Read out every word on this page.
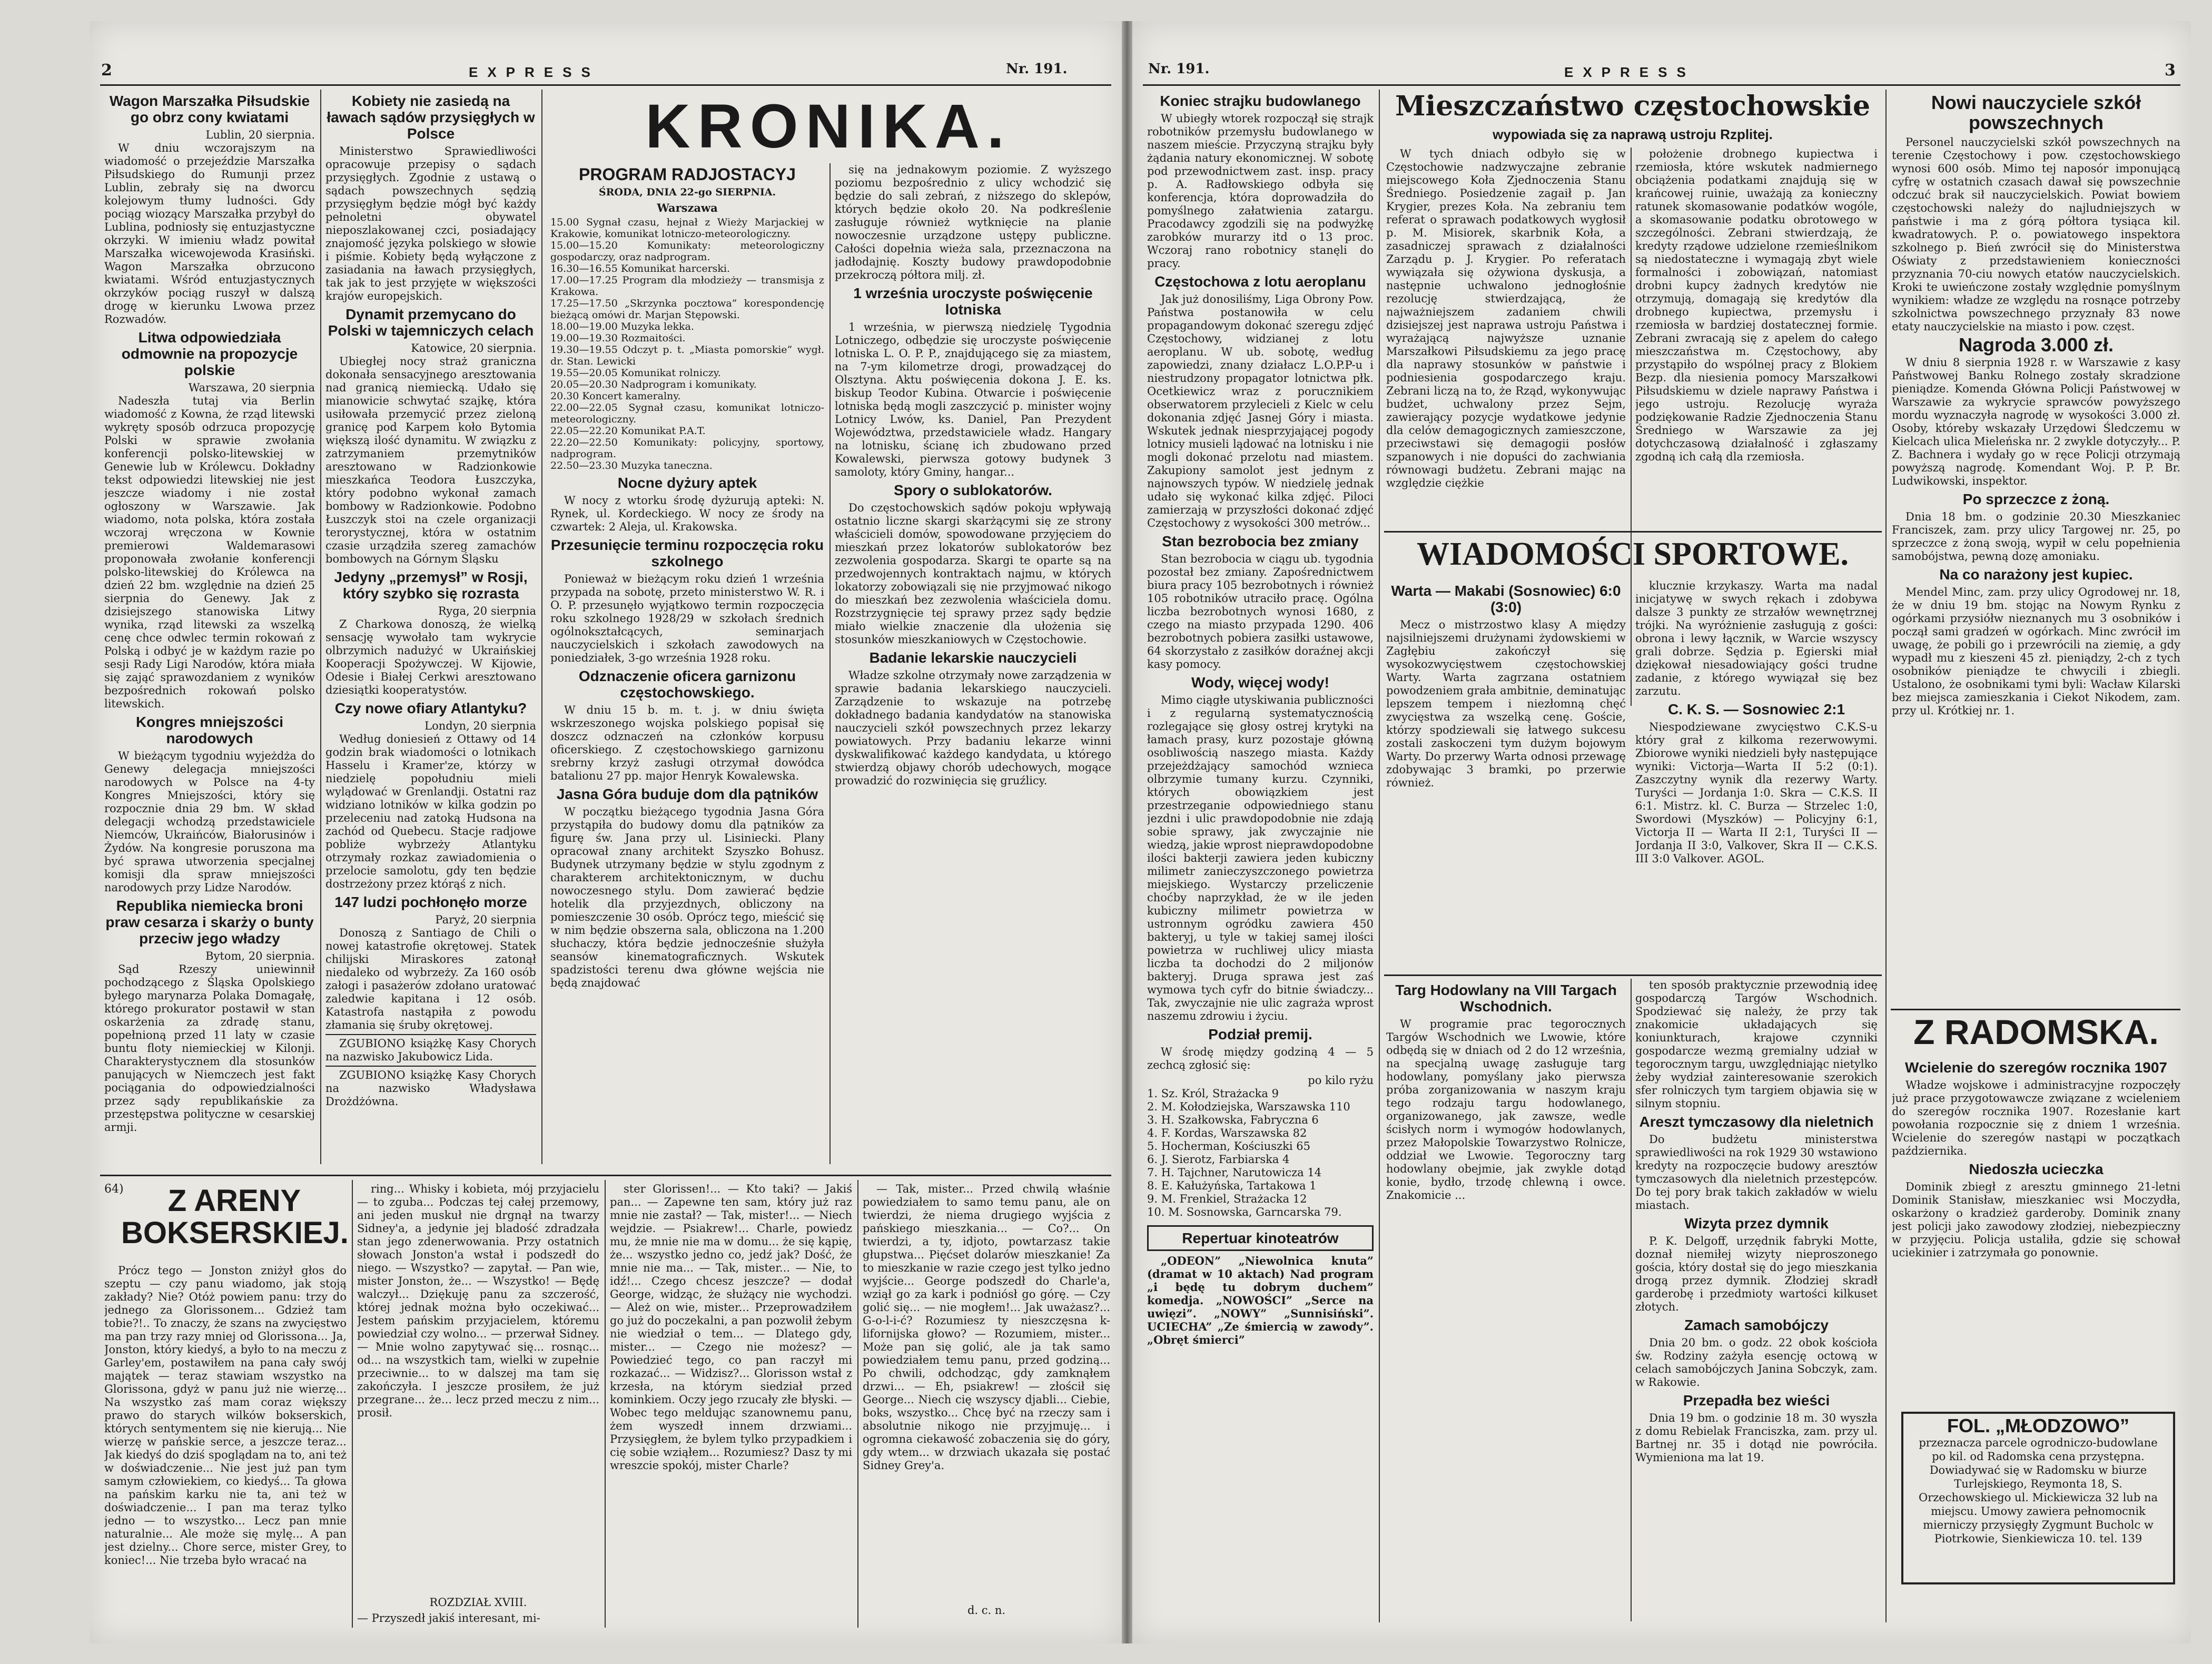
2	EXPRESS	Nr. 191.
Wagon Marszałka Piłsudskie go obrz cony kwiatami

Lublin, 20 sierpnia.

W dniu wczorajszym na wiadomość o przejeździe Marszałka Piłsudskiego do Rumunji przez Lublin, zebrały się na dworcu kolejowym tłumy ludności. Gdy pociąg wiozący Marszałka przybył do Lublina, podniosły się entuzjastyczne okrzyki. W imieniu władz powitał Marszałka wicewojewoda Krasiński. Wagon Marszałka obrzucono kwiatami. Wśród entuzjastycznych okrzyków pociąg ruszył w dalszą drogę w kierunku Lwowa przez Rozwadów.

Litwa odpowiedziała odmownie na propozycje polskie

Warszawa, 20 sierpnia

Nadeszła tutaj via Berlin wiadomość z Kowna, że rząd litewski wykręty sposób odrzuca propozycję Polski w sprawie zwołania konferencji polsko-litewskiej w Genewie lub w Królewcu. Dokładny tekst odpowiedzi litewskiej nie jest jeszcze wiadomy i nie został ogłoszony w Warszawie. Jak wiadomo, nota polska, która została wczoraj wręczona w Kownie premierowi Waldemarasowi proponowała zwołanie konferencji polsko-litewskiej do Królewca na dzień 22 bm. względnie na dzień 25 sierpnia do Genewy. Jak z dzisiejszego stanowiska Litwy wynika, rząd litewski za wszelką cenę chce odwlec termin rokowań z Polską i odbyć je w każdym razie po sesji Rady Ligi Narodów, która miała się zająć sprawozdaniem z wyników bezpośrednich rokowań polsko litewskich.

Kongres mniejszości narodowych

W bieżącym tygodniu wyjeżdża do Genewy delegacja mniejszości narodowych w Polsce na 4-ty Kongres Mniejszości, który się rozpocznie dnia 29 bm. W skład delegacji wchodzą przedstawiciele Niemców, Ukraińców, Białorusinów i Żydów. Na kongresie poruszona ma być sprawa utworzenia specjalnej komisji dla spraw mniejszości narodowych przy Lidze Narodów.

Republika niemiecka broni praw cesarza i skarży o bunty przeciw jego władzy

Bytom, 20 sierpnia.

Sąd Rzeszy uniewinnił pochodzącego z Śląska Opolskiego byłego marynarza Polaka Domagałę, którego prokurator postawił w stan oskarżenia za zdradę stanu, popełnioną przed 11 laty w czasie buntu floty niemieckiej w Kilonji. Charakterystycznem dla stosunków panujących w Niemczech jest fakt pociągania do odpowiedzialności przez sądy republikańskie za przestępstwa polityczne w cesarskiej armji.

Kobiety nie zasiedą na ławach sądów przysięgłych w Polsce

Ministerstwo Sprawiedliwości opracowuje przepisy o sądach przysięgłych. Zgodnie z ustawą o sądach powszechnych sędzią przysięgłym będzie mógł być każdy pełnoletni obywatel nieposzlakowanej czci, posiadający znajomość języka polskiego w słowie i piśmie. Kobiety będą wyłączone z zasiadania na ławach przysięgłych, tak jak to jest przyjęte w większości krajów europejskich.

Dynamit przemycano do Polski w tajemniczych celach

Katowice, 20 sierpnia.

Ubiegłej nocy straż graniczna dokonała sensacyjnego aresztowania nad granicą niemiecką. Udało się mianowicie schwytać szajkę, która usiłowała przemycić przez zieloną granicę pod Karpem koło Bytomia większą ilość dynamitu. W związku z zatrzymaniem przemytników aresztowano w Radzionkowie mieszkańca Teodora Łuszczyka, który podobno wykonał zamach bombowy w Radzionkowie. Podobno Łuszczyk stoi na czele organizacji terorystycznej, która w ostatnim czasie urządziła szereg zamachów bombowych na Górnym Śląsku

Jedyny „przemysł” w Rosji, który szybko się rozrasta

Ryga, 20 sierpnia

Z Charkowa donoszą, że wielką sensację wywołało tam wykrycie olbrzymich nadużyć w Ukraińskiej Kooperacji Spożywczej. W Kijowie, Odesie i Białej Cerkwi aresztowano dziesiątki kooperatystów.

Czy nowe ofiary Atlantyku?

Londyn, 20 sierpnia

Według doniesień z Ottawy od 14 godzin brak wiadomości o lotnikach Hasselu i Kramer'ze, którzy w niedzielę popołudniu mieli wylądować w Grenlandji. Ostatni raz widziano lotników w kilka godzin po przeleceniu nad zatoką Hudsona na zachód od Quebecu. Stacje radjowe pobliże wybrzeży Atlantyku otrzymały rozkaz zawiadomienia o przelocie samolotu, gdy ten będzie dostrzeżony przez którąś z nich.

147 ludzi pochłonęło morze

Paryż, 20 sierpnia

Donoszą z Santiago de Chili o nowej katastrofie okrętowej. Statek chilijski Miraskores zatonął niedaleko od wybrzeży. Za 160 osób załogi i pasażerów zdołano uratować zaledwie kapitana i 12 osób. Katastrofa nastąpiła z powodu złamania się śruby okrętowej.

ZGUBIONO książkę Kasy Chorych na nazwisko Jakubowicz Lida.

ZGUBIONO książkę Kasy Chorych na nazwisko Władysława Drożdżówna.

KRONIKA.
PROGRAM RADJOSTACYJ
ŚRODA, DNIA 22-go SIERPNIA.
Warszawa
15.00 Sygnał czasu, hejnał z Wieży Marjackiej w Krakowie, komunikat lotniczo-meteorologiczny.
15.00—15.20 Komunikaty: meteorologiczny gospodarczy, oraz nadprogram.
16.30—16.55 Komunikat harcerski.
17.00—17.25 Program dla młodzieży — transmisja z Krakowa.
17.25—17.50 „Skrzynka pocztowa” korespondencję bieżącą omówi dr. Marjan Stępowski.
18.00—19.00 Muzyka lekka.
19.00—19.30 Rozmaitości.
19.30—19.55 Odczyt p. t. „Miasta pomorskie” wygł. dr. Stan. Lewicki
19.55—20.05 Komunikat rolniczy.
20.05—20.30 Nadprogram i komunikaty.
20.30 Koncert kameralny.
22.00—22.05 Sygnał czasu, komunikat lotniczo-meteorologiczny.
22.05—22.20 Komunikat P.A.T.
22.20—22.50 Komunikaty: policyjny, sportowy, nadprogram.
22.50—23.30 Muzyka taneczna.
Nocne dyżury aptek

W nocy z wtorku środę dyżurują apteki: N. Rynek, ul. Kordeckiego. W nocy ze środy na czwartek: 2 Aleja, ul. Krakowska.

Przesunięcie terminu rozpoczęcia roku szkolnego

Ponieważ w bieżącym roku dzień 1 września przypada na sobotę, przeto ministerstwo W. R. i O. P. przesunęło wyjątkowo termin rozpoczęcia roku szkolnego 1928/29 w szkołach średnich ogólnokształcących, seminarjach nauczycielskich i szkołach zawodowych na poniedziałek, 3-go września 1928 roku.

Odznaczenie oficera garnizonu częstochowskiego.

W dniu 15 b. m. t. j. w dniu święta wskrzeszonego wojska polskiego popisał się doszcz odznaczeń na członków korpusu oficerskiego. Z częstochowskiego garnizonu srebrny krzyż zasługi otrzymał dowódca batalionu 27 pp. major Henryk Kowalewska.

Jasna Góra buduje dom dla pątników

W początku bieżącego tygodnia Jasna Góra przystąpiła do budowy domu dla pątników za figurę św. Jana przy ul. Lisiniecki. Plany opracował znany architekt Szyszko Bohusz. Budynek utrzymany będzie w stylu zgodnym z charakterem architektonicznym, w duchu nowoczesnego stylu. Dom zawierać będzie hotelik dla przyjezdnych, obliczony na pomieszczenie 30 osób. Oprócz tego, mieścić się w nim będzie obszerna sala, obliczona na 1.200 słuchaczy, która będzie jednocześnie służyła seansów kinematograficznych. Wskutek spadzistości terenu dwa główne wejścia nie będą znajdować

się na jednakowym poziomie. Z wyższego poziomu bezpośrednio z ulicy wchodzić się będzie do sali zebrań, z niższego do sklepów, których będzie około 20. Na podkreślenie zasługuje również wytknięcie na planie nowoczesnie urządzone ustępy publiczne. Całości dopełnia wieża sala, przeznaczona na jadłodajnię. Koszty budowy prawdopodobnie przekroczą półtora milj. zł.

1 września uroczyste poświęcenie lotniska

1 września, w pierwszą niedzielę Tygodnia Lotniczego, odbędzie się uroczyste poświęcenie lotniska L. O. P. P., znajdującego się za miastem, na 7-ym kilometrze drogi, prowadzącej do Olsztyna. Aktu poświęcenia dokona J. E. ks. biskup Teodor Kubina. Otwarcie i poświęcenie lotniska będą mogli zaszczycić p. minister wojny Lotnicy Lwów, ks. Daniel, Pan Prezydent Województwa, przedstawiciele władz. Hangary na lotnisku, ścianę ich zbudowano przed Kowalewski, pierwsza gotowy budynek 3 samoloty, który Gminy, hangar...

Spory o sublokatorów.

Do częstochowskich sądów pokoju wpływają ostatnio liczne skargi skarżącymi się ze strony właścicieli domów, spowodowane przyjęciem do mieszkań przez lokatorów sublokatorów bez zezwolenia gospodarza. Skargi te oparte są na przedwojennych kontraktach najmu, w których lokatorzy zobowiązali się nie przyjmować nikogo do mieszkań bez zezwolenia właściciela domu. Rozstrzygnięcie tej sprawy przez sądy będzie miało wielkie znaczenie dla ułożenia się stosunków mieszkaniowych w Częstochowie.

Badanie lekarskie nauczycieli

Władze szkolne otrzymały nowe zarządzenia w sprawie badania lekarskiego nauczycieli. Zarządzenie to wskazuje na potrzebę dokładnego badania kandydatów na stanowiska nauczycieli szkół powszechnych przez lekarzy powiatowych. Przy badaniu lekarze winni dyskwalifikować każdego kandydata, u którego stwierdzą objawy chorób udechowych, mogące prowadzić do rozwinięcia się gruźlicy.

64)	Z ARENY BOKSERSKIEJ.

Prócz tego — Jonston zniżył głos do szeptu — czy panu wiadomo, jak stoją zakłady? Nie? Otóż powiem panu: trzy do jednego za Glorissonem... Gdzież tam tobie?!.. To znaczy, że szans na zwycięstwo ma pan trzy razy mniej od Glorissona... Ja, Jonston, który kiedyś, a było to na meczu z Garley'em, postawiłem na pana cały swój majątek — teraz stawiam wszystko na Glorissona, gdyż w panu już nie wierzę... Na wszystko zaś mam coraz większy prawo do starych wilków bokserskich, których sentymentem się nie kierują... Nie wierzę w pańskie serce, a jeszcze teraz... Jak kiedyś do dziś spoglądam na to, ani też w doświadczenie... Nie jest już pan tym samym człowiekiem, co kiedyś... Ta głowa na pańskim karku nie ta, ani też w doświadczenie... I pan ma teraz tylko jedno — to wszystko... Lecz pan mnie naturalnie... Ale może się mylę... A pan jest dzielny... Chore serce, mister Grey, to koniec!... Nie trzeba było wracać na

ring... Whisky i kobieta, mój przyjacielu — to zguba... Podczas tej całej przemowy, ani jeden muskuł nie drgnął na twarzy Sidney'a, a jedynie jej bladość zdradzała stan jego zdenerwowania. Przy ostatnich słowach Jonston'a wstał i podszedł do niego. — Wszystko? — zapytał. — Pan wie, mister Jonston, że... — Wszystko! — Będę walczył... Dziękuję panu za szczerość, której jednak można było oczekiwać... Jestem pańskim przyjacielem, któremu powiedział czy wolno... — przerwał Sidney. — Mnie wolno zapytywać się... rosnąc... od... na wszystkich tam, wielki w zupełnie przeciwnie... to w dalszej ma tam się zakończyła. I jeszcze prosiłem, że już przegrane... że... lecz przed meczu z nim... prosił.

ster Glorissen!... — Kto taki? — Jakiś pan... — Zapewne ten sam, który już raz mnie nie zastał? — Tak, mister!... — Niech wejdzie. — Psiakrew!... Charle, powiedz mu, że mnie nie ma w domu... że się kąpię, że... wszystko jedno co, jedź jak? Dość, że mnie nie ma... — Tak, mister... — Nie, to idź!... Czego chcesz jeszcze? — dodał George, widząc, że służący nie wychodzi. — Ależ on wie, mister... Przeprowadziłem go już do poczekalni, a pan pozwolił żebym nie wiedział o tem... — Dlatego gdy, mister... — Czego nie możesz? — Powiedzieć tego, co pan raczył mi rozkazać... — Widzisz?... Glorisson wstał z krzesła, na którym siedział przed kominkiem. Oczy jego rzucały złe błyski. — Wobec tego meldując szanownemu panu, żem wyszedł innem drzwiami... Przysięgłem, że bylem tylko przypadkiem i cię sobie wziąłem... Rozumiesz? Dasz ty mi wreszcie spokój, mister Charle?

— Tak, mister... Przed chwilą właśnie powiedziałem to samo temu panu, ale on twierdzi, że niema drugiego wyjścia z pańskiego mieszkania... — Co?... On twierdzi, a ty, idjoto, powtarzasz takie głupstwa... Pięćset dolarów mieszkanie! Za to mieszkanie w razie czego jest tylko jedno wyjście... George podszedł do Charle'a, wziął go za kark i podniósł go górę. — Czy golić się... — nie mogłem!... Jak uważasz?... G-o-l-i-ć? Rozumiesz ty nieszczęsna k-lifornijska głowo? — Rozumiem, mister... Może pan się golić, ale ja tak samo powiedziałem temu panu, przed godziną... Po chwili, odchodząc, gdy zamknąłem drzwi... — Eh, psiakrew! — złościł się George... Niech cię wszyscy djabli... Ciebie, boks, wszystko... Chcę być na rzeczy sam i absolutnie nikogo nie przyjmuję... i ogromna ciekawość zobaczenia się do góry, gdy wtem... w drzwiach ukazała się postać Sidney Grey'a.

d. c. n.
ROZDZIAŁ XVIII.
— Przyszedł jakiś interesant, mi-
Nr. 191.	EXPRESS	3
Koniec strajku budowlanego

W ubiegły wtorek rozpoczął się strajk robotników przemysłu budowlanego w naszem mieście. Przyczyną strajku były żądania natury ekonomicznej. W sobotę pod przewodnictwem zast. insp. pracy p. A. Radłowskiego odbyła się konferencja, która doprowadziła do pomyślnego załatwienia zatargu. Pracodawcy zgodzili się na podwyżkę zarobków murarzy itd o 13 proc. Wczoraj rano robotnicy stanęli do pracy.

Częstochowa z lotu aeroplanu

Jak już donosiliśmy, Liga Obrony Pow. Państwa postanowiła w celu propagandowym dokonać szeregu zdjęć Częstochowy, widzianej z lotu aeroplanu. W ub. sobotę, według zapowiedzi, znany działacz L.O.P.P-u i niestrudzony propagator lotnictwa płk. Ocetkiewicz wraz z porucznikiem obserwatorem przylecieli z Kielc w celu dokonania zdjęć Jasnej Góry i miasta. Wskutek jednak niesprzyjającej pogody lotnicy musieli lądować na lotnisku i nie mogli dokonać przelotu nad miastem. Zakupiony samolot jest jednym z najnowszych typów. W niedzielę jednak udało się wykonać kilka zdjęć. Piloci zamierzają w przyszłości dokonać zdjęć Częstochowy z wysokości 300 metrów...

Stan bezrobocia bez zmiany

Stan bezrobocia w ciągu ub. tygodnia pozostał bez zmiany. Zapośrednictwem biura pracy 105 bezrobotnych i również 105 robotników utraciło pracę. Ogólna liczba bezrobotnych wynosi 1680, z czego na miasto przypada 1290. 406 bezrobotnych pobiera zasiłki ustawowe, 64 skorzystało z zasiłków doraźnej akcji kasy pomocy.

Wody, więcej wody!

Mimo ciągłe utyskiwania publiczności i z regularną systematycznością rozlegające się głosy ostrej krytyki na łamach prasy, kurz pozostaje główną osobliwością naszego miasta. Każdy przejeżdżający samochód wznieca olbrzymie tumany kurzu. Czynniki, których obowiązkiem jest przestrzeganie odpowiedniego stanu jezdni i ulic prawdopodobnie nie zdają sobie sprawy, jak zwyczajnie nie wiedzą, jakie wprost nieprawdopodobne ilości bakterji zawiera jeden kubiczny milimetr zanieczyszczonego powietrza miejskiego. Wystarczy przeliczenie choćby naprzykład, że w ile jeden kubiczny milimetr powietrza w ustronnym ogródku zawiera 450 bakteryj, u tyle w takiej samej ilości powietrza w ruchliwej ulicy miasta liczba ta dochodzi do 2 miljonów bakteryj. Druga sprawa jest zaś wymowa tych cyfr do bitnie świadczy... Tak, zwyczajnie nie ulic zagraża wprost naszemu zdrowiu i życiu.

Podział premij.

W środę między godziną 4 — 5 zechcą zgłosić się:

po kilo ryżu

1. Sz. Król, Strażacka 9
2. M. Kołodziejska, Warszawska 110
3. H. Szałkowska, Fabryczna 6
4. F. Kordas, Warszawska 82
5. Hocherman, Kościuszki 65
6. J. Sierotz, Farbiarska 4
7. H. Tajchner, Narutowicza 14
8. E. Kałużyńska, Tartakowa 1
9. M. Frenkiel, Strażacka 12
10. M. Sosnowska, Garncarska 79.
Repertuar kinoteatrów

„ODEON” „Niewolnica knuta” (dramat w 10 aktach) Nad program „i będę tu dobrym duchem” komedja. „NOWOŚCI” „Serce na uwięzi”. „NOWY” „Sunnisiński”. UCIECHA” „Ze śmiercią w zawody”. „Obręt śmierci”

Mieszczaństwo częstochowskie
wypowiada się za naprawą ustroju Rzplitej.

W tych dniach odbyło się w Częstochowie nadzwyczajne zebranie miejscowego Koła Zjednoczenia Stanu Średniego. Posiedzenie zagaił p. Jan Krygier, prezes Koła. Na zebraniu tem referat o sprawach podatkowych wygłosił p. M. Misiorek, skarbnik Koła, a zasadniczej sprawach z działalności Zarządu p. J. Krygier. Po referatach wywiązała się ożywiona dyskusja, a następnie uchwalono jednogłośnie rezolucję stwierdzającą, że najważniejszem zadaniem chwili dzisiejszej jest naprawa ustroju Państwa i wyrażającą najwyższe uznanie Marszałkowi Piłsudskiemu za jego pracę dla naprawy stosunków w państwie i podniesienia gospodarczego kraju. Zebrani liczą na to, że Rząd, wykonywując budżet, uchwalony przez Sejm, zawierający pozycje wydatkowe jedynie dla celów demagogicznych zamieszczone, przeciwstawi się demagogii posłów szpanowych i nie dopuści do zachwiania równowagi budżetu. Zebrani mając na względzie ciężkie

położenie drobnego kupiectwa i rzemiosła, które wskutek nadmiernego obciążenia podatkami znajdują się w krańcowej ruinie, uważają za konieczny ratunek skomasowanie podatków wogóle, a skomasowanie podatku obrotowego w szczególności. Zebrani stwierdzają, że kredyty rządowe udzielone rzemieślnikom są niedostateczne i wymagają zbyt wiele formalności i zobowiązań, natomiast drobni kupcy żadnych kredytów nie otrzymują, domagają się kredytów dla drobnego kupiectwa, przemysłu i rzemiosła w bardziej dostatecznej formie. Zebrani zwracają się z apelem do całego mieszczaństwa m. Częstochowy, aby przystąpiło do wspólnej pracy z Blokiem Bezp. dla niesienia pomocy Marszałkowi Piłsudskiemu w dziele naprawy Państwa i jego ustroju. Rezolucję wyraża podziękowanie Radzie Zjednoczenia Stanu Średniego w Warszawie za jej dotychczasową działalność i zgłaszamy zgodną ich całą dla rzemiosła.

WIADOMOŚCI SPORTOWE.
Warta — Makabi (Sosnowiec) 6:0 (3:0)

Mecz o mistrzostwo klasy A między najsilniejszemi drużynami żydowskiemi w Zagłębiu zakończył się wysokozwycięstwem częstochowskiej Warty. Warta zagrzana ostatniem powodzeniem grała ambitnie, deminatując lepszem tempem i niezłomną chęć zwycięstwa za wszelką cenę. Goście, którzy spodziewali się łatwego sukcesu zostali zaskoczeni tym dużym bojowym Warty. Do przerwy Warta odnosi przewagę zdobywając 3 bramki, po przerwie również.

klucznie krzykaszy. Warta ma nadal inicjatywę w swych rękach i zdobywa dalsze 3 punkty ze strzałów wewnętrznej trójki. Na wyróżnienie zasługują z gości: obrona i lewy łącznik, w Warcie wszyscy grali dobrze. Sędzia p. Egierski miał dziękował niesadowiający gości trudne zadanie, z którego wywiązał się bez zarzutu.

C. K. S. — Sosnowiec 2:1

Niespodziewane zwycięstwo C.K.S-u który grał z kilkoma rezerwowymi. Zbiorowe wyniki niedzieli były następujące wyniki: Victorja—Warta II 5:2 (0:1). Zaszczytny wynik dla rezerwy Warty. Turyści — Jordanja 1:0. Skra — C.K.S. II 6:1. Mistrz. kl. C. Burza — Strzelec 1:0, Swordowi (Myszków) — Policyjny 6:1, Victorja II — Warta II 2:1, Turyści II — Jordanja II 3:0, Valkover, Skra II — C.K.S. III 3:0 Valkover. AGOL.

Targ Hodowlany na VIII Targach Wschodnich.

W programie prac tegorocznych Targów Wschodnich we Lwowie, które odbędą się w dniach od 2 do 12 września, na specjalną uwagę zasługuje targ hodowlany, pomyślany jako pierwsza próba zorganizowania w naszym kraju tego rodzaju targu hodowlanego, organizowanego, jak zawsze, wedle ścisłych norm i wymogów hodowlanych, przez Małopolskie Towarzystwo Rolnicze, oddział we Lwowie. Tegoroczny targ hodowlany obejmie, jak zwykle dotąd konie, bydło, trzodę chlewną i owce. Znakomicie ...

ten sposób praktycznie przewodnią ideę gospodarczą Targów Wschodnich. Spodziewać się należy, że przy tak znakomicie układających się koniunkturach, krajowe czynniki gospodarcze wezmą gremialny udział w tegorocznym targu, uwzględniając nietylko żeby wydział zainteresowanie szerokich sfer rolniczych tym targiem objawia się w silnym stopniu.

Areszt tymczasowy dla nieletnich

Do budżetu ministerstwa sprawiedliwości na rok 1929 30 wstawiono kredyty na rozpoczęcie budowy aresztów tymczasowych dla nieletnich przestępców. Do tej pory brak takich zakładów w wielu miastach.

Wizyta przez dymnik

P. K. Delgoff, urzędnik fabryki Motte, doznał niemiłej wizyty nieproszonego gościa, który dostał się do jego mieszkania drogą przez dymnik. Złodziej skradł garderobę i przedmioty wartości kilkuset złotych.

Zamach samobójczy

Dnia 20 bm. o godz. 22 obok kościoła św. Rodziny zażyła esencję octową w celach samobójczych Janina Sobczyk, zam. w Rakowie.

Przepadła bez wieści

Dnia 19 bm. o godzinie 18 m. 30 wyszła z domu Rebielak Franciszka, zam. przy ul. Bartnej nr. 35 i dotąd nie powróciła. Wymieniona ma lat 19.

Nowi nauczyciele szkół powszechnych

Personel nauczycielski szkół powszechnych na terenie Częstochowy i pow. częstochowskiego wynosi 600 osób. Mimo tej naposór imponującą cyfrę w ostatnich czasach dawał się powszechnie odczuć brak sił nauczycielskich. Powiat bowiem częstochowski należy do najludniejszych w państwie i ma z górą półtora tysiąca kil. kwadratowych. P. o. powiatowego inspektora szkolnego p. Bień zwrócił się do Ministerstwa Oświaty z przedstawieniem konieczności przyznania 70-ciu nowych etatów nauczycielskich. Kroki te uwieńczone zostały względnie pomyślnym wynikiem: władze ze względu na rosnące potrzeby szkolnictwa powszechnego przyznały 83 nowe etaty nauczycielskie na miasto i pow. częst.

Nagroda 3.000 zł.

W dniu 8 sierpnia 1928 r. w Warszawie z kasy Państwowej Banku Rolnego zostały skradzione pieniądze. Komenda Główna Policji Państwowej w Warszawie za wykrycie sprawców powyższego mordu wyznaczyła nagrodę w wysokości 3.000 zł. Osoby, któreby wskazały Urzędowi Śledczemu w Kielcach ulica Mieleńska nr. 2 zwykle dotyczyły... P. Z. Bachnera i wydały go w ręce Policji otrzymają powyższą nagrodę. Komendant Woj. P. P. Br. Ludwikowski, inspektor.

Po sprzeczce z żoną.

Dnia 18 bm. o godzinie 20.30 Mieszkaniec Franciszek, zam. przy ulicy Targowej nr. 25, po sprzeczce z żoną swoją, wypił w celu popełnienia samobójstwa, pewną dozę amoniaku.

Na co narażony jest kupiec.

Mendel Minc, zam. przy ulicy Ogrodowej nr. 18, że w dniu 19 bm. stojąc na Nowym Rynku z ogórkami przysiółw nieznanych mu 3 osobników i począł sami gradzeń w ogórkach. Minc zwrócił im uwagę, że pobili go i przewrócili na ziemię, a gdy wypadł mu z kieszeni 45 zł. pieniądzy, 2-ch z tych osobników pieniądze te chwycili i zbiegli. Ustalono, że osobnikami tymi byli: Wacław Kilarski bez miejsca zamieszkania i Ciekot Nikodem, zam. przy ul. Krótkiej nr. 1.

Z RADOMSKA.
Wcielenie do szeregów rocznika 1907

Władze wojskowe i administracyjne rozpoczęły już prace przygotowawcze związane z wcieleniem do szeregów rocznika 1907. Rozesłanie kart powołania rozpocznie się z dniem 1 września. Wcielenie do szeregów nastąpi w początkach października.

Niedoszła ucieczka

Dominik zbiegł z aresztu gminnego 21-letni Dominik Stanisław, mieszkaniec wsi Moczydła, oskarżony o kradzież garderoby. Dominik znany jest policji jako zawodowy złodziej, niebezpieczny w przyjęciu. Policja ustaliła, gdzie się schował uciekinier i zatrzymała go ponownie.

FOL. „MŁODZOWO”
przeznacza parcele ogrodniczo-budowlane po kil. od Radomska cena przystępna. Dowiadywać się w Radomsku w biurze Turlejskiego, Reymonta 18, S. Orzechowskiego ul. Mickiewicza 32 lub na miejscu. Umowy zawiera pełnomocnik mierniczy przysięgły Zygmunt Bucholc w Piotrkowie, Sienkiewicza 10. tel. 139
